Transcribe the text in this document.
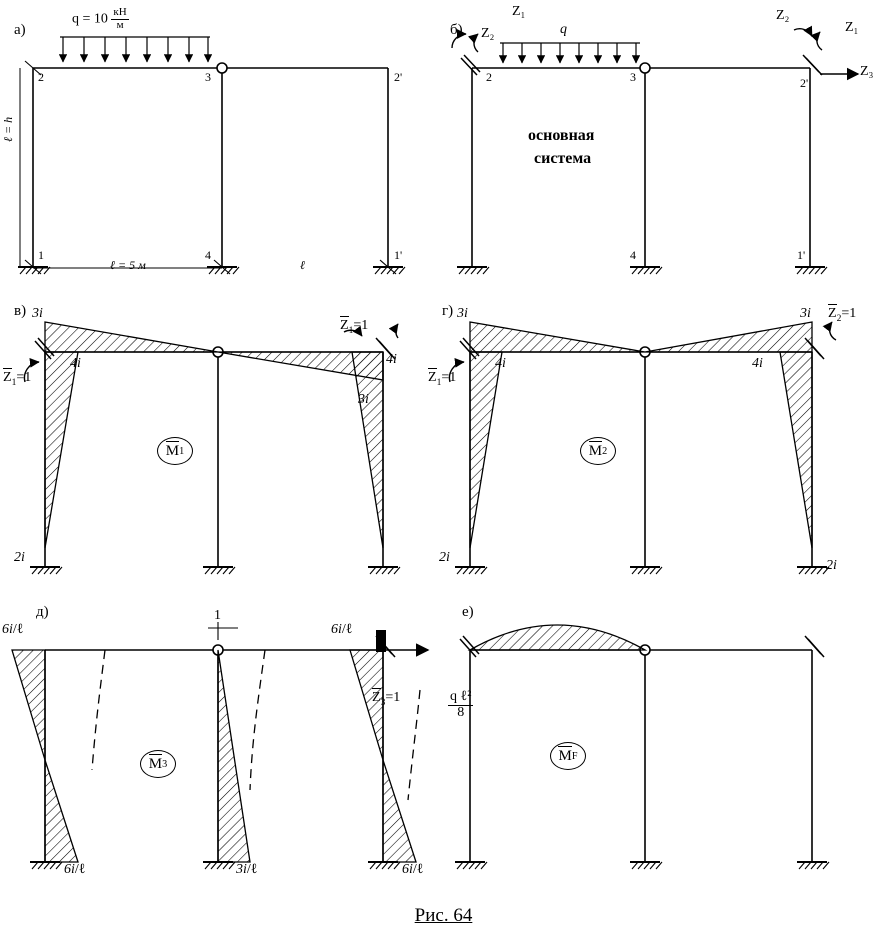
а)
$q = 10 \frac{кН}{м}$
2	3	2'
1	4	1'
ℓ = h
ℓ = 5 м	ℓ
б)
Z₁
Z₂
Z₂
Z₁
Z₃
q
2	3	2'
4	1'
основная
система
в) 3i
4i	4i
3i
2i
$Z_1=1$
$Z_1=1$
M 1
г) 3i
4i	4i
3i
2i
2i
$Z_1=1$
$Z_2=1$
M 2
д)
6i/ℓ
1
6i/ℓ
6i/ℓ	3i/ℓ	6i/ℓ
$Z_3=1$
M 3
е)
$\frac{\text{q ℓ²}}{8}$
M F
Рис. 64
